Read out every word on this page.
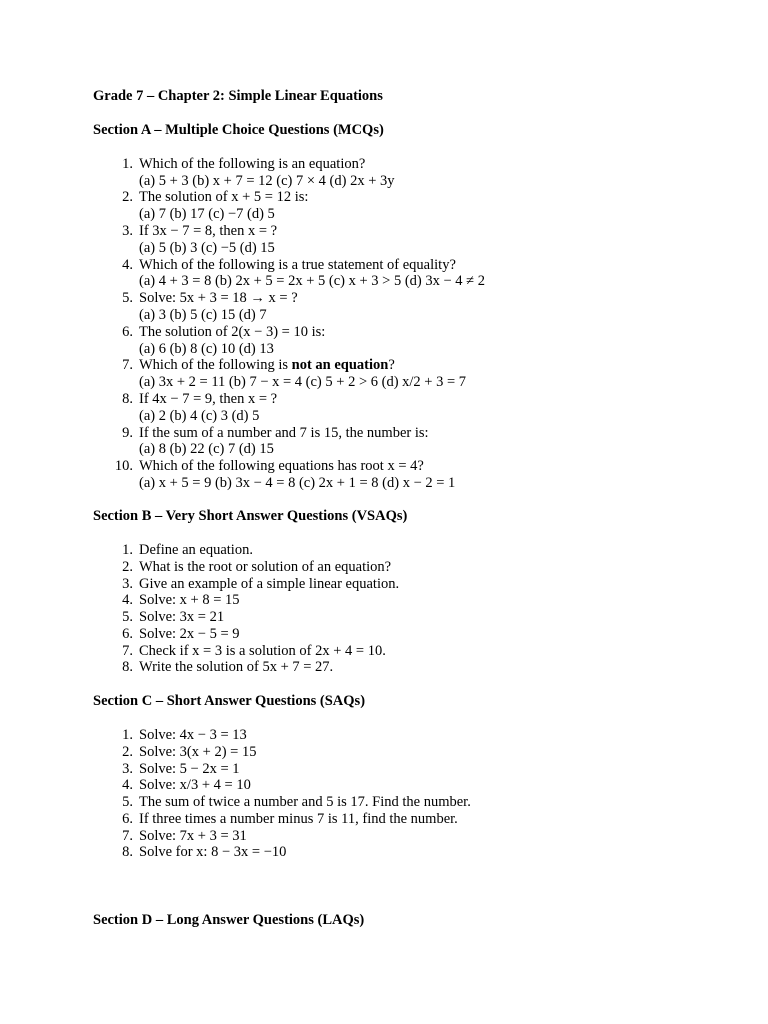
Grade 7 – Chapter 2: Simple Linear Equations
Section A – Multiple Choice Questions (MCQs)
1. Which of the following is an equation?
(a) 5 + 3 (b) x + 7 = 12 (c) 7 × 4 (d) 2x + 3y
2. The solution of x + 5 = 12 is:
(a) 7 (b) 17 (c) −7 (d) 5
3. If 3x − 7 = 8, then x = ?
(a) 5 (b) 3 (c) −5 (d) 15
4. Which of the following is a true statement of equality?
(a) 4 + 3 = 8 (b) 2x + 5 = 2x + 5 (c) x + 3 > 5 (d) 3x − 4 ≠ 2
5. Solve: 5x + 3 = 18 → x = ?
(a) 3 (b) 5 (c) 15 (d) 7
6. The solution of 2(x − 3) = 10 is:
(a) 6 (b) 8 (c) 10 (d) 13
7. Which of the following is not an equation?
(a) 3x + 2 = 11 (b) 7 − x = 4 (c) 5 + 2 > 6 (d) x/2 + 3 = 7
8. If 4x − 7 = 9, then x = ?
(a) 2 (b) 4 (c) 3 (d) 5
9. If the sum of a number and 7 is 15, the number is:
(a) 8 (b) 22 (c) 7 (d) 15
10. Which of the following equations has root x = 4?
(a) x + 5 = 9 (b) 3x − 4 = 8 (c) 2x + 1 = 8 (d) x − 2 = 1
Section B – Very Short Answer Questions (VSAQs)
1. Define an equation.
2. What is the root or solution of an equation?
3. Give an example of a simple linear equation.
4. Solve: x + 8 = 15
5. Solve: 3x = 21
6. Solve: 2x − 5 = 9
7. Check if x = 3 is a solution of 2x + 4 = 10.
8. Write the solution of 5x + 7 = 27.
Section C – Short Answer Questions (SAQs)
1. Solve: 4x − 3 = 13
2. Solve: 3(x + 2) = 15
3. Solve: 5 − 2x = 1
4. Solve: x/3 + 4 = 10
5. The sum of twice a number and 5 is 17. Find the number.
6. If three times a number minus 7 is 11, find the number.
7. Solve: 7x + 3 = 31
8. Solve for x: 8 − 3x = −10
Section D – Long Answer Questions (LAQs)
